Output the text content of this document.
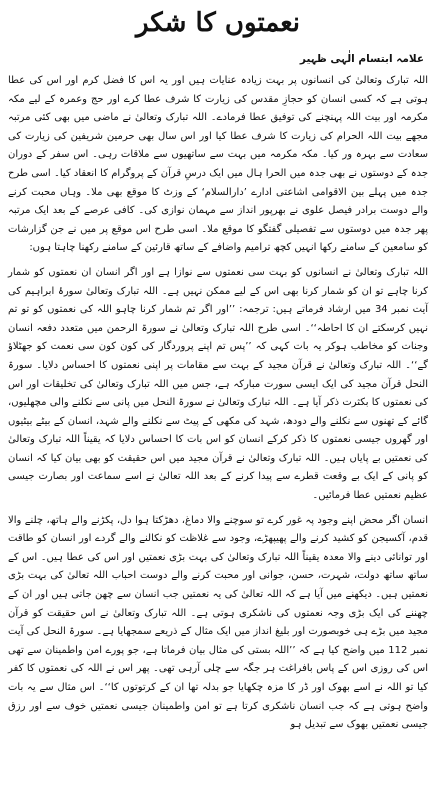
نعمتوں کا شکر
علامہ ابتسام الٰہی ظہیر

اللہ تبارک وتعالیٰ کی انسانوں پر بہت زیادہ عنایات ہیں اور یہ اس کا فضل کرم اور اس کی عطا ہوتی ہے کہ کسی انسان کو حجازِ مقدس کی زیارت کا شرف عطا کرے اور حج وعمرہ کے لیے مکہ مکرمہ اور بیت اللہ پہنچنے کی توفیق عطا فرمادے۔ اللہ تبارک وتعالیٰ نے ماضی میں بھی کئی مرتبہ مجھے بیت اللہ الحرام کی زیارت کا شرف عطا کیا اور اس سال بھی حرمین شریفین کی زیارت کی سعادت سے بہرہ ور کیا۔ مکہ مکرمہ میں بہت سے ساتھیوں سے ملاقات رہی۔ اس سفر کے دوران جدہ کے دوستوں نے بھی جدہ میں الحرا ہال میں ایک درسِ قرآن کے پروگرام کا انعقاد کیا۔ اسی طرح جدہ میں پہلے بین الاقوامی اشاعتی ادارے ’دارالسلام‘ کے وزٹ کا موقع بھی ملا۔ وہاں محبت کرنے والے دوست برادر فیصل علوی نے بھرپور انداز سے مہمان نوازی کی۔ کافی عرصے کے بعد ایک مرتبہ پھر جدہ میں دوستوں سے تفصیلی گفتگو کا موقع ملا۔ اسی طرح اس موقع پر میں نے جن گزارشات کو سامعین کے سامنے رکھا انہیں کچھ ترامیم واضافے کے ساتھ قارئین کے سامنے رکھنا چاہتا ہوں:

اللہ تبارک وتعالیٰ نے انسانوں کو بہت سی نعمتوں سے نوازا ہے اور اگر انسان ان نعمتوں کو شمار کرنا چاہے تو ان کو شمار کرنا بھی اس کے لیے ممکن نہیں ہے۔ اللہ تبارک وتعالیٰ سورۂ ابراہیم کی آیت نمبر 34 میں ارشاد فرماتے ہیں: ترجمہ: ’’اور اگر تم شمار کرنا چاہو اللہ کی نعمتوں کو تو تم نہیں کرسکتے ان کا احاطہ‘‘۔ اسی طرح اللہ تبارک وتعالیٰ نے سورۃ الرحمن میں متعدد دفعہ انسان وجنات کو مخاطب ہوکر یہ بات کہی کہ ’’پس تم اپنے پروردگار کی کون کون سی نعمت کو جھٹلاؤ گے‘‘۔ اللہ تبارک وتعالیٰ نے قرآن مجید کے بہت سے مقامات پر اپنی نعمتوں کا احساس دلایا۔ سورۃ النحل قرآن مجید کی ایک ایسی سورت مبارکہ ہے، جس میں اللہ تبارک وتعالیٰ کی تخلیقات اور اس کی نعمتوں کا بکثرت ذکر آیا ہے۔ اللہ تبارک وتعالیٰ نے سورۃ النحل میں پانی سے نکلنے والی مچھلیوں، گائے کے تھنوں سے نکلنے والے دودھ، شہد کی مکھی کے پیٹ سے نکلنے والے شہد، انسان کے بیٹے بیٹیوں اور گھروں جیسی نعمتوں کا ذکر کرکے انسان کو اس بات کا احساس دلایا کہ یقیناً اللہ تبارک وتعالیٰ کی نعمتیں بے پایاں ہیں۔ اللہ تبارک وتعالیٰ نے قرآن مجید میں اس حقیقت کو بھی بیان کیا کہ انسان کو پانی کے ایک بے وقعت قطرے سے پیدا کرنے کے بعد اللہ تعالیٰ نے اسے سماعت اور بصارت جیسی عظیم نعمتیں عطا فرمائیں۔

انسان اگر محض اپنے وجود پہ غور کرے تو سوچنے والا دماغ، دھڑکتا ہوا دل، پکڑنے والے ہاتھ، چلنے والا قدم، آکسیجن کو کشید کرنے والے پھیپھڑے، وجود سے غلاظت کو نکالنے والے گردے اور انسان کو طاقت اور توانائی دینے والا معدہ یقیناً اللہ تبارک وتعالیٰ کی بہت بڑی نعمتیں اور اس کی عطا ہیں۔ اس کے ساتھ ساتھ دولت، شہرت، حسن، جوانی اور محبت کرنے والے دوست احباب اللہ تعالیٰ کی بہت بڑی نعمتیں ہیں۔ دیکھنے میں آیا ہے کہ اللہ تعالیٰ کی یہ نعمتیں جب انسان سے چھن جاتی ہیں اور ان کے چھننے کی ایک بڑی وجہ نعمتوں کی ناشکری ہوتی ہے۔ اللہ تبارک وتعالیٰ نے اس حقیقت کو قرآن مجید میں بڑے ہی خوبصورت اور بلیغ انداز میں ایک مثال کے ذریعے سمجھایا ہے۔ سورۃ النحل کی آیت نمبر 112 میں واضح کیا ہے کہ ’’اللہ بستی کی مثال بیان فرماتا ہے، جو پورے امن واطمینان سے تھی اس کی روزی اس کے پاس بافراغت ہر جگہ سے چلی آرہی تھی۔ پھر اس نے اللہ کی نعمتوں کا کفر کیا تو اللہ نے اسے بھوک اور ڈر کا مزہ چکھایا جو بدلہ تھا ان کے کرتوتوں کا‘‘۔ اس مثال سے یہ بات واضح ہوتی ہے کہ جب انسان ناشکری کرتا ہے تو امن واطمینان جیسی نعمتیں خوف سے اور رزق جیسی نعمتیں بھوک سے تبدیل ہو
